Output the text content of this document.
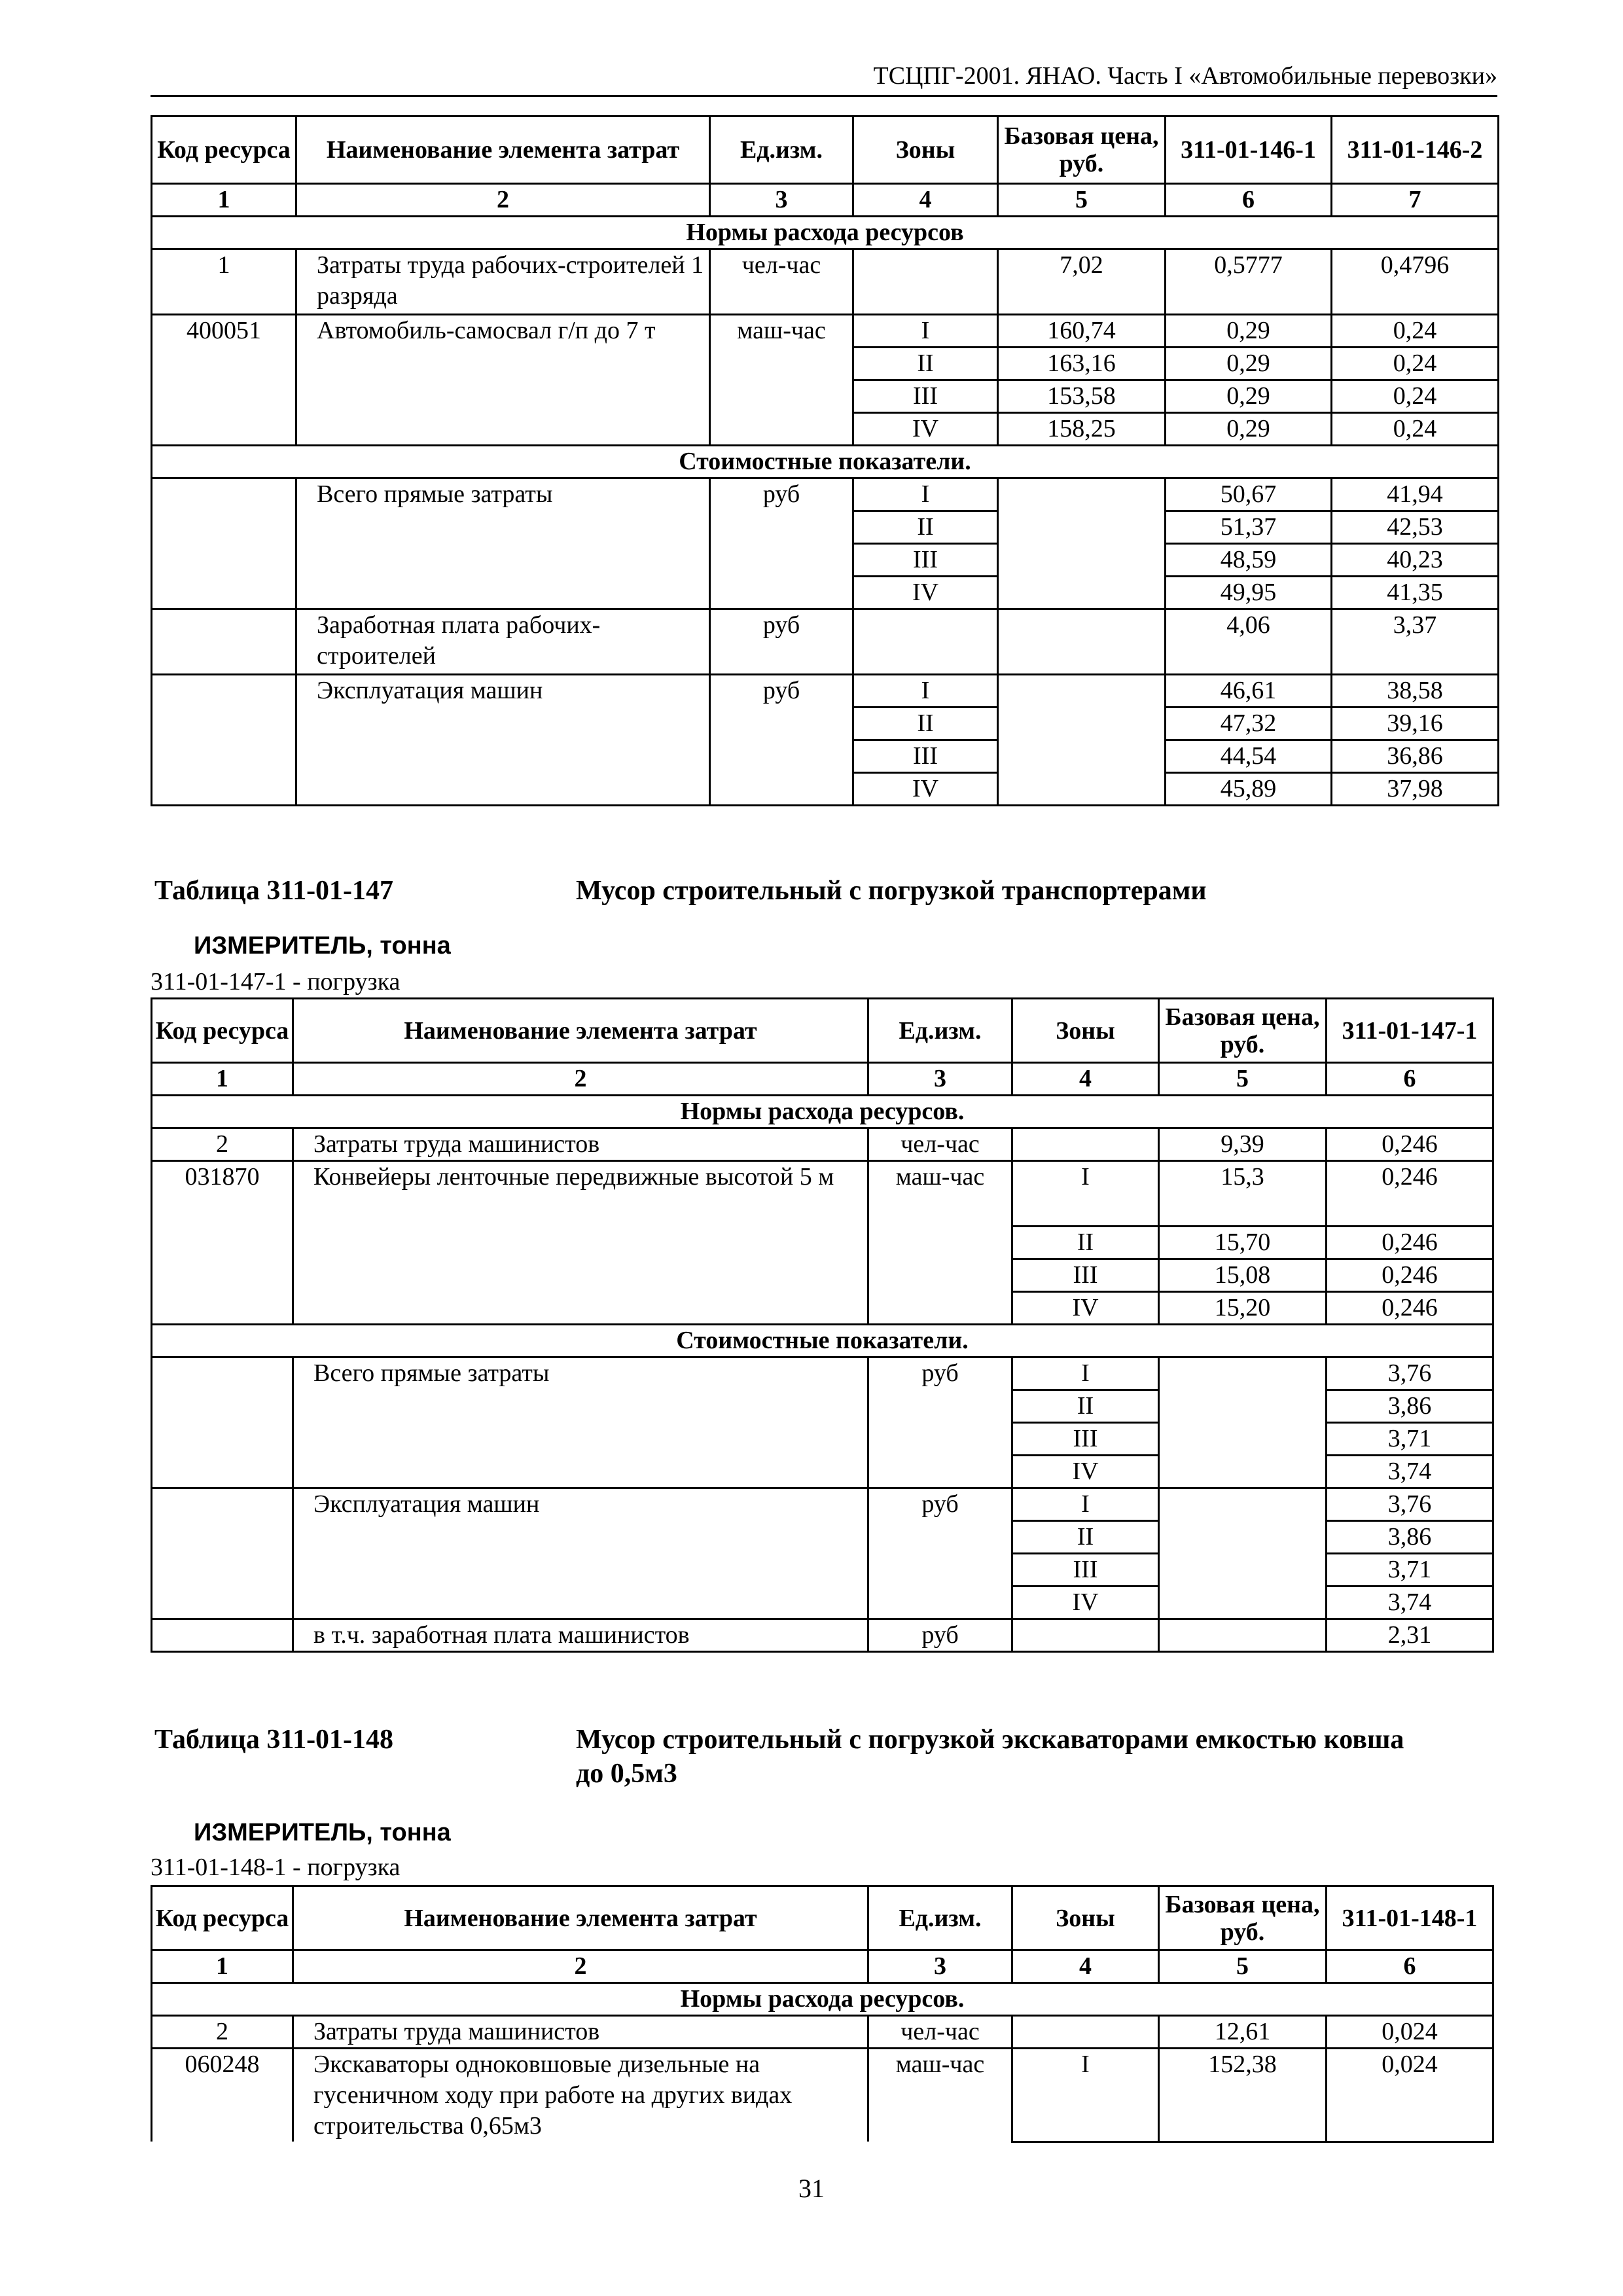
ТСЦПГ-2001. ЯНАО. Часть I «Автомобильные перевозки»
Код ресурса	Наименование элемента затрат	Ед.изм.	Зоны	Базовая цена, руб.	311-01-146-1	311-01-146-2
1	2	3	4	5	6	7
Нормы расхода ресурсов						
1	Затраты труда рабочих-строителей 1 разряда	чел-час		7,02	0,5777	0,4796
400051	Автомобиль-самосвал г/п до 7 т	маш-час	I	160,74	0,29	0,24
			II	163,16	0,29	0,24
			III	153,58	0,29	0,24
			IV	158,25	0,29	0,24
Стоимостные показатели.						
	Всего прямые затраты	руб	I		50,67	41,94
			II		51,37	42,53
			III		48,59	40,23
			IV		49,95	41,35
	Заработная плата рабочих-строителей	руб			4,06	3,37
	Эксплуатация машин	руб	I		46,61	38,58
			II		47,32	39,16
			III		44,54	36,86
			IV		45,89	37,98
Таблица 311-01-147	Мусор строительный с погрузкой транспортерами
ИЗМЕРИТЕЛЬ, тонна
311-01-147-1 - погрузка
Код ресурса	Наименование элемента затрат	Ед.изм.	Зоны	Базовая цена, руб.	311-01-147-1
1	2	3	4	5	6
Нормы расхода ресурсов.					
2	Затраты труда машинистов	чел-час		9,39	0,246
031870	Конвейеры ленточные передвижные высотой 5 м	маш-час	I	15,3	0,246
			II	15,70	0,246
			III	15,08	0,246
			IV	15,20	0,246
Стоимостные показатели.					
	Всего прямые затраты	руб	I		3,76
			II		3,86
			III		3,71
			IV		3,74
	Эксплуатация машин	руб	I		3,76
			II		3,86
			III		3,71
			IV		3,74
	в т.ч. заработная плата машинистов	руб			2,31
Таблица 311-01-148	Мусор строительный с погрузкой экскаваторами емкостью ковша
до 0,5м3
ИЗМЕРИТЕЛЬ, тонна
311-01-148-1 - погрузка
Код ресурса	Наименование элемента затрат	Ед.изм.	Зоны	Базовая цена, руб.	311-01-148-1
1	2	3	4	5	6
Нормы расхода ресурсов.					
2	Затраты труда машинистов	чел-час		12,61	0,024
060248	Экскаваторы одноковшовые дизельные на гусеничном ходу при работе на других видах строительства 0,65м3	маш-час	I	152,38	0,024
31
